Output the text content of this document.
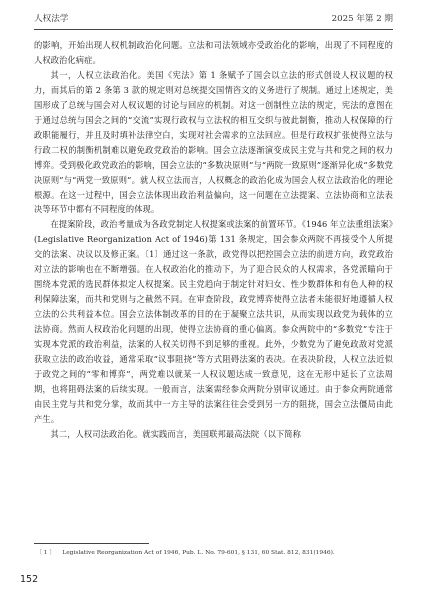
人权法学	2025 年第 2 期

的影响，开始出现人权机制政治化问题。立法和司法领域亦受政治化的影响，出现了不同程度的人权政治化病症。

其一，人权立法政治化。美国《宪法》第 1 条赋予了国会以立法的形式创设人权议题的权力，而其后的第 2 条第 3 款的规定则对总统提交国情咨文的义务进行了规制。通过上述规定，美国形成了总统与国会对人权议题的讨论与回应的机制。对这一创制性立法的规定，宪法的意图在于通过总统与国会之间的“交流”实现行政权与立法权的相互交织与彼此制衡，推动人权保障的行政职能履行，并且及时填补法律空白，实现对社会需求的立法回应。但是行政权扩张使得立法与行政二权的制衡机制难以避免政党政治的影响。国会立法逐渐演变成民主党与共和党之间的权力博弈。受到极化政党政治的影响，国会立法的“多数决原则”与“两院一致原则”逐渐异化成“多数党决原则”与“两党一致原则”。就人权立法而言，人权概念的政治化成为国会人权立法政治化的理论根源。在这一过程中，国会立法体现出政治利益偏向，这一问题在立法提案、立法协商和立法表决等环节中都有不同程度的体现。

在提案阶段，政治考量成为各政党制定人权提案或法案的前置环节。《1946 年立法重组法案》(Legislative Reorganization Act of 1946)第 131 条规定，国会参众两院不再接受个人所提交的法案、决议以及修正案。〔1〕通过这一条款，政党得以把控国会立法的前进方向，政党政治对立法的影响也在不断增强。在人权政治化的推动下，为了迎合民众的人权需求，各党派瞄向于围绕本党派的选民群体拟定人权提案。民主党趋向于制定针对妇女、性少数群体和有色人种的权利保障法案，而共和党则与之截然不同。在审查阶段，政党博弈使得立法者未能很好地遵循人权立法的公共利益本位。国会立法体制改革的目的在于凝聚立法共识，从而实现以政党为载体的立法协商。然而人权政治化问题的出现，使得立法协商的重心偏离。参众两院中的“多数党”专注于实现本党派的政治利益，法案的人权关切得不到足够的重视。此外，少数党为了避免政敌对党派获取立法的政治收益，通常采取“议事阻挠”等方式阻碍法案的表决。在表决阶段，人权立法近似于政党之间的“零和博弈”，两党难以就某一人权议题达成一致意见，这在无形中延长了立法周期，也将阻碍法案的后续实现。一般而言，法案需经参众两院分别审议通过。由于参众两院通常由民主党与共和党分掌，故而其中一方主导的法案往往会受到另一方的阻挠，国会立法僵局由此产生。

其二，人权司法政治化。就实践而言，美国联邦最高法院（以下简称

〔 1 〕 Legislative Reorganization Act of 1946, Pub. L. No. 79-601, § 131, 60 Stat. 812, 831(1946).
152
